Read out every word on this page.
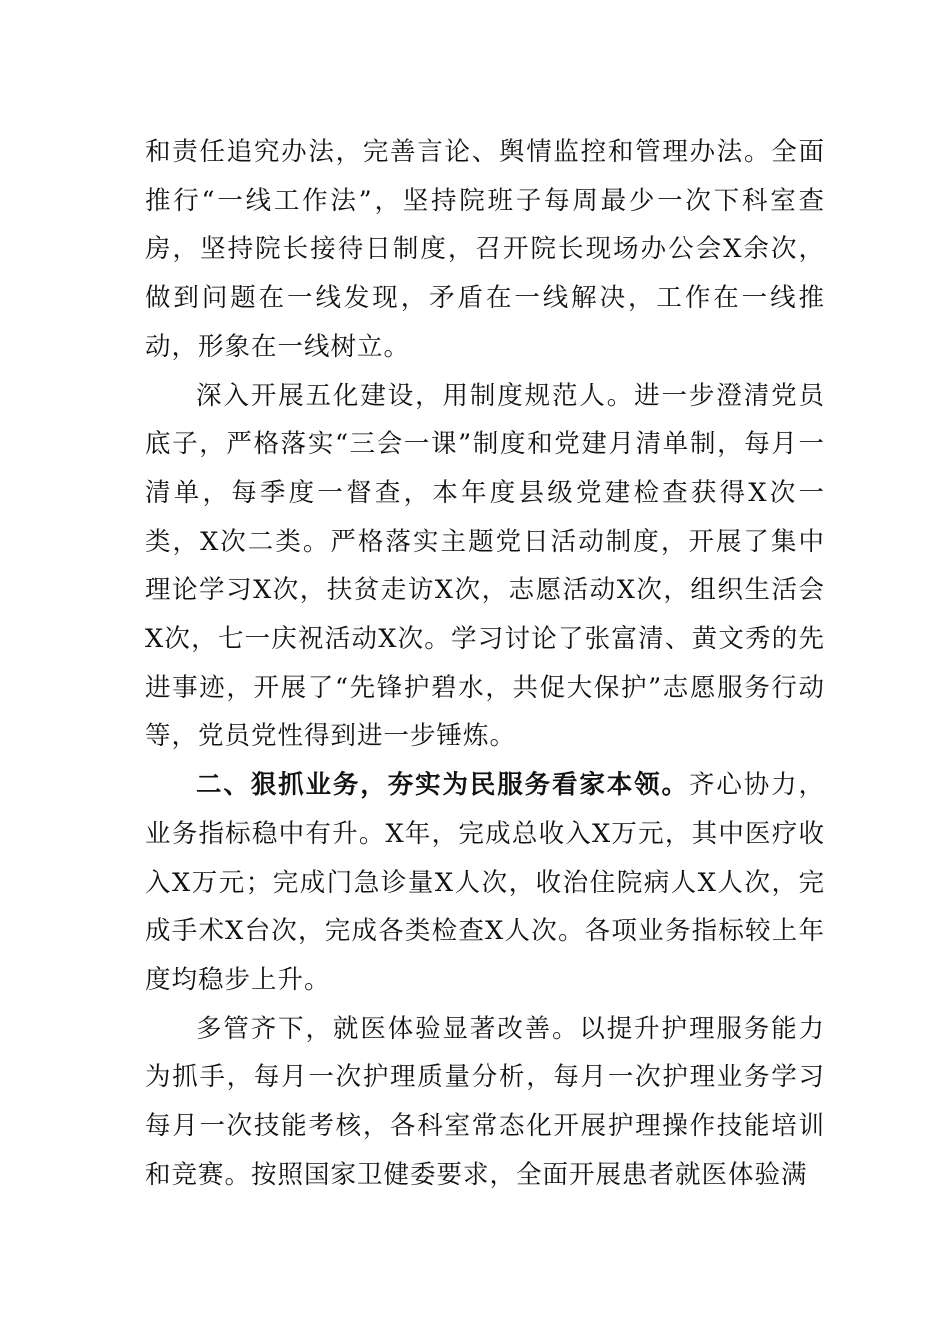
和责任追究办法，完善言论、舆情监控和管理办法。全面推行“一线工作法”，坚持院班子每周最少一次下科室查房，坚持院长接待日制度，召开院长现场办公会X余次，做到问题在一线发现，矛盾在一线解决，工作在一线推动，形象在一线树立。

深入开展五化建设，用制度规范人。进一步澄清党员底子，严格落实“三会一课”制度和党建月清单制，每月一清单，每季度一督查，本年度县级党建检查获得X次一类，X次二类。严格落实主题党日活动制度，开展了集中理论学习X次，扶贫走访X次，志愿活动X次，组织生活会X次，七一庆祝活动X次。学习讨论了张富清、黄文秀的先进事迹，开展了“先锋护碧水，共促大保护”志愿服务行动等，党员党性得到进一步锤炼。

二、狠抓业务，夯实为民服务看家本领。齐心协力，业务指标稳中有升。X年，完成总收入X万元，其中医疗收入X万元；完成门急诊量X人次，收治住院病人X人次，完成手术X台次，完成各类检查X人次。各项业务指标较上年度均稳步上升。

多管齐下，就医体验显著改善。以提升护理服务能力为抓手，每月一次护理质量分析，每月一次护理业务学习每月一次技能考核，各科室常态化开展护理操作技能培训和竞赛。按照国家卫健委要求，全面开展患者就医体验满
